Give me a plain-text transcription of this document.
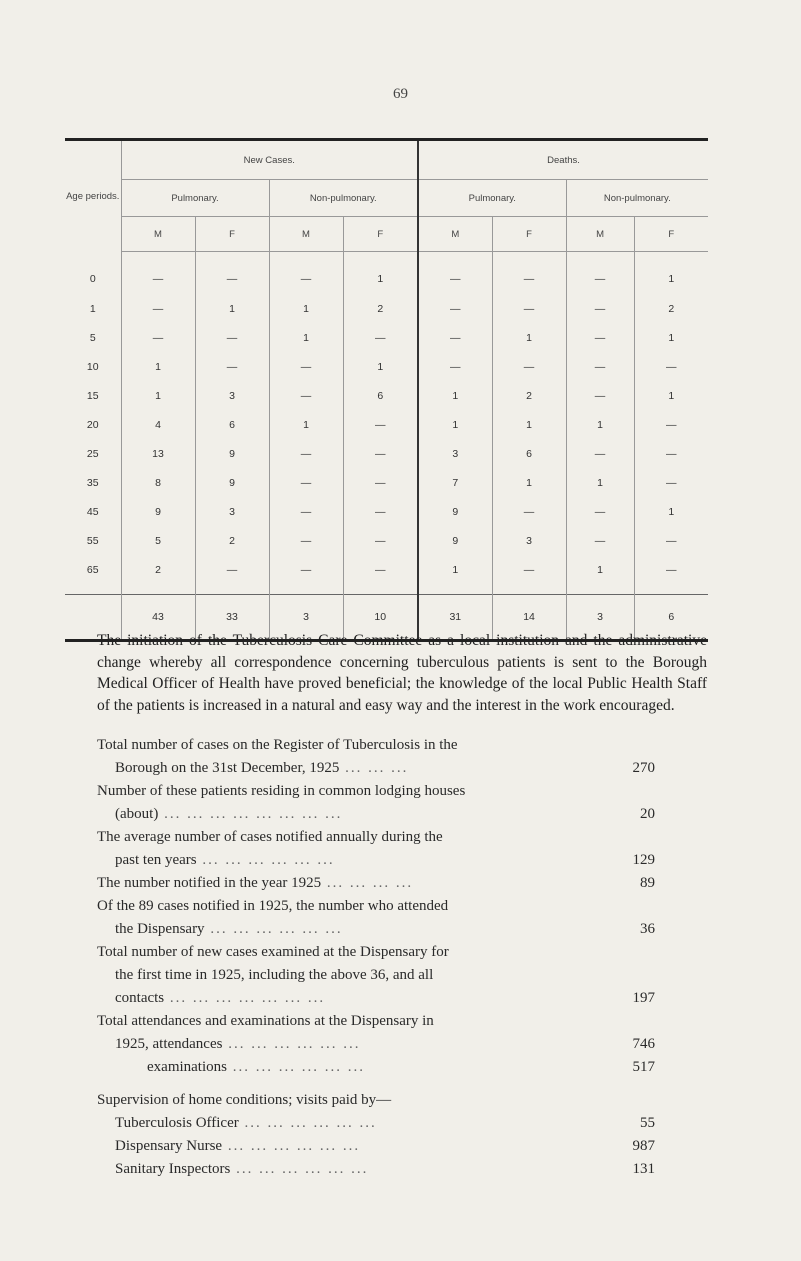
69
Age periods.	New Cases.				Deaths.			
	Pulmonary.		Non-pulmonary.		Pulmonary.		Non-pulmonary.	
	M	F	M	F	M	F	M	F
0	—	—	—	1	—	—	—	1
1	—	1	1	2	—	—	—	2
5	—	—	1	—	—	1	—	1
10	1	—	—	1	—	—	—	—
15	1	3	—	6	1	2	—	1
20	4	6	1	—	1	1	1	—
25	13	9	—	—	3	6	—	—
35	8	9	—	—	7	1	1	—
45	9	3	—	—	9	—	—	1
55	5	2	—	—	9	3	—	—
65	2	—	—	—	1	—	1	—
	43	33	3	10	31	14	3	6

The initiation of the Tuberculosis Care Committee as a local institution and the administrative change whereby all correspondence concerning tuberculous patients is sent to the Borough Medical Officer of Health have proved beneficial; the knowledge of the local Public Health Staff of the patients is increased in a natural and easy way and the interest in the work encouraged.

Total number of cases on the Register of Tuberculosis in the
Borough on the 31st December, 1925 ... ... ...	270
Number of these patients residing in common lodging houses
(about) ... ... ... ... ... ... ... ...	20
The average number of cases notified annually during the
past ten years ... ... ... ... ... ...	129
The number notified in the year 1925 ... ... ... ...	89
Of the 89 cases notified in 1925, the number who attended
the Dispensary ... ... ... ... ... ...	36
Total number of new cases examined at the Dispensary for
the first time in 1925, including the above 36, and all
contacts ... ... ... ... ... ... ...	197
Total attendances and examinations at the Dispensary in
1925, attendances ... ... ... ... ... ...	746
examinations ... ... ... ... ... ...	517
Supervision of home conditions; visits paid by—
Tuberculosis Officer ... ... ... ... ... ...	55
Dispensary Nurse ... ... ... ... ... ...	987
Sanitary Inspectors ... ... ... ... ... ...	131
